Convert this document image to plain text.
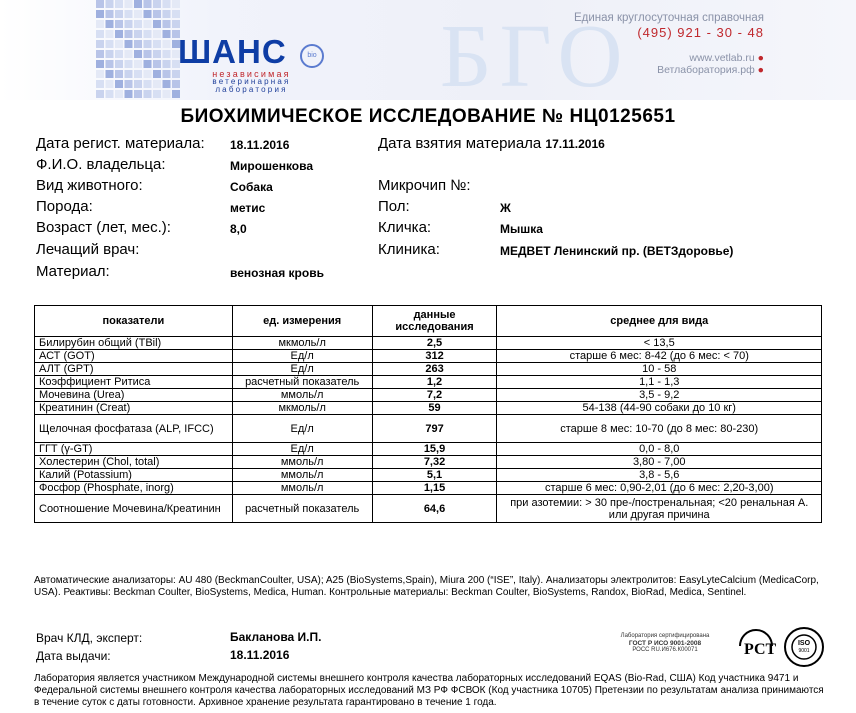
БГО
ШАНС	bio
независимая
ветеринарная
лаборатория
Единая круглосуточная справочная
(495) 921 - 30 - 48
www.vetlab.ru ●
Ветлаборатория.рф ●
БИОХИМИЧЕСКОЕ ИССЛЕДОВАНИЕ № НЦ0125651
Дата регист. материала: 18.11.2016
Ф.И.О. владельца:	Мирошенкова
Вид животного:	Собака
Порода:	метис
Возраст (лет, мес.):	8,0
Лечащий врач:
Материал:	венозная кровь
Дата взятия материала 17.11.2016
Микрочип №:
Пол:	Ж
Кличка:	Мышка
Клиника:	МЕДВЕТ Ленинский пр. (ВЕТЗдоровье)
показатели	ед. измерения	данные исследования	среднее для вида
Билирубин общий (TBil)	мкмоль/л	2,5	< 13,5
АСТ (GOT)	Ед/л	312	старше 6 мес: 8-42 (до 6 мес: < 70)
АЛТ (GPT)	Ед/л	263	10 - 58
Коэффициент Ритиса	расчетный показатель	1,2	1,1 - 1,3
Мочевина (Urea)	ммоль/л	7,2	3,5 - 9,2
Креатинин (Creat)	мкмоль/л	59	54-138 (44-90 собаки до 10 кг)
Щелочная фосфатаза (ALP, IFCC)	Ед/л	797	старше 8 мес: 10-70 (до 8 мес: 80-230)
ГГТ (γ-GT)	Ед/л	15,9	0,0 - 8,0
Холестерин (Chol, total)	ммоль/л	7,32	3,80 - 7,00
Калий (Potassium)	ммоль/л	5,1	3,8 - 5,6
Фосфор (Phosphate, inorg)	ммоль/л	1,15	старше 6 мес: 0,90-2,01 (до 6 мес: 2,20-3,00)
Соотношение Мочевина/Креатинин	расчетный показатель	64,6	при азотемии: > 30 пре-/постренальная; <20 ренальная А. или другая причина
Автоматические анализаторы: AU 480 (BeckmanCoulter, USA); A25 (BioSystems,Spain), Miura 200 (“ISE”, Italy). Анализаторы электролитов: EasyLyteCalcium (MedicaCorp, USA). Реактивы: Beckman Coulter, BioSystems, Medica, Human. Контрольные материалы: Beckman Coulter, BioSystems, Randox, BioRad, Medica, Sentinel.
Врач КЛД, эксперт:	Бакланова И.П.
Дата выдачи:	18.11.2016
Лаборатория сертифицирована
ГОСТ Р ИСО 9001-2008
РОСС RU.И676.К00071	РСТ	ISO
9001
Лаборатория является участником Международной системы внешнего контроля качества лабораторных исследований EQAS (Bio-Rad, США) Код участника 9471 и Федеральной системы внешнего контроля качества лабораторных исследований МЗ РФ ФСВОК (Код участника 10705) Претензии по результатам анализа принимаются в течение суток с даты готовности. Архивное хранение результата гарантировано в течение 1 года.
